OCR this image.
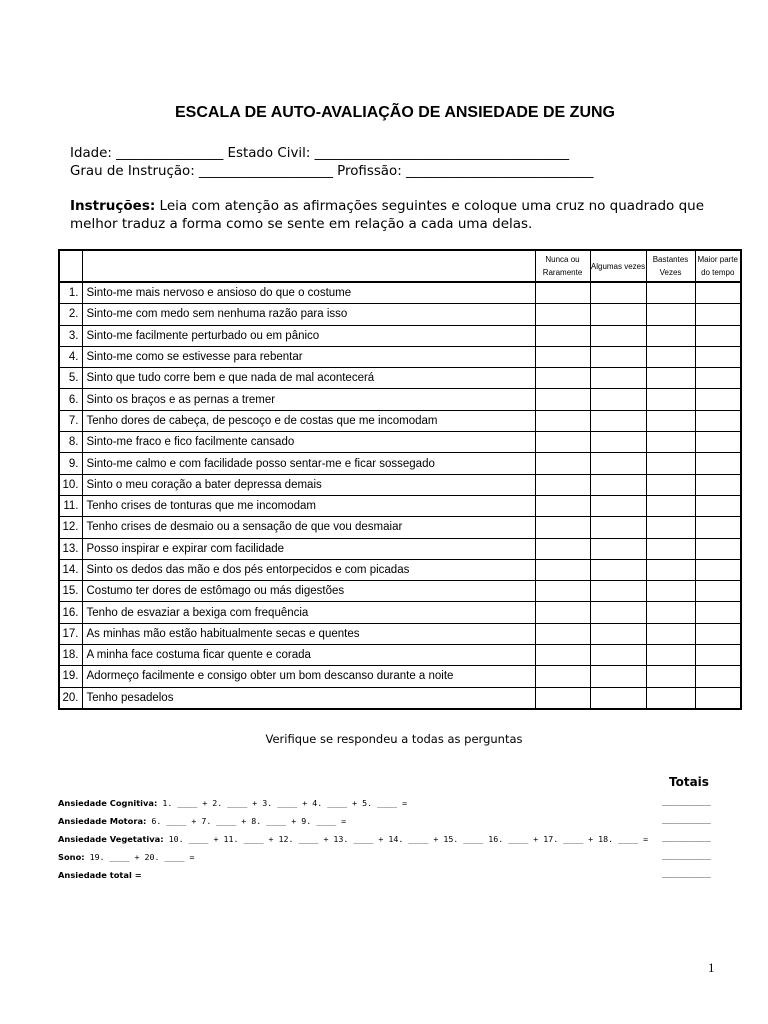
ESCALA DE AUTO-AVALIAÇÃO DE ANSIEDADE DE ZUNG
Idade: ________________ Estado Civil: ______________________________________
Grau de Instrução: ____________________ Profissão: ____________________________
Instruções: Leia com atenção as afirmações seguintes e coloque uma cruz no quadrado que melhor traduz a forma como se sente em relação a cada uma delas.
		Nunca ou Raramente	Algumas vezes	Bastantes Vezes	Maior parte do tempo
1.	Sinto-me mais nervoso e ansioso do que o costume				
2.	Sinto-me com medo sem nenhuma razão para isso				
3.	Sinto-me facilmente perturbado ou em pânico				
4.	Sinto-me como se estivesse para rebentar				
5.	Sinto que tudo corre bem e que nada de mal acontecerá				
6.	Sinto os braços e as pernas a tremer				
7.	Tenho dores de cabeça, de pescoço e de costas que me incomodam				
8.	Sinto-me fraco e fico facilmente cansado				
9.	Sinto-me calmo e com facilidade posso sentar-me e ficar sossegado				
10.	Sinto o meu coração a bater depressa demais				
11.	Tenho crises de tonturas que me incomodam				
12.	Tenho crises de desmaio ou a sensação de que vou desmaiar				
13.	Posso inspirar e expirar com facilidade				
14.	Sinto os dedos das mão e dos pés entorpecidos e com picadas				
15.	Costumo ter dores de estômago ou más digestões				
16.	Tenho de esvaziar a bexiga com frequência				
17.	As minhas mão estão habitualmente secas e quentes				
18.	A minha face costuma ficar quente e corada				
19.	Adormeço facilmente e consigo obter um bom descanso durante a noite				
20.	Tenho pesadelos				
Verifique se respondeu a todas as perguntas
Totais
Ansiedade Cognitiva: 1. ____ + 2. ____ + 3. ____ + 4. ____ + 5. ____ =	_________
Ansiedade Motora: 6. ____ + 7. ____ + 8. ____ + 9. ____ =	_________
Ansiedade Vegetativa: 10. ____ + 11. ____ + 12. ____ + 13. ____ + 14. ____ + 15. ____ 16. ____ + 17. ____ + 18. ____ = _________
Sono: 19. ____ + 20. ____ =	_________
Ansiedade total =	_________
1
